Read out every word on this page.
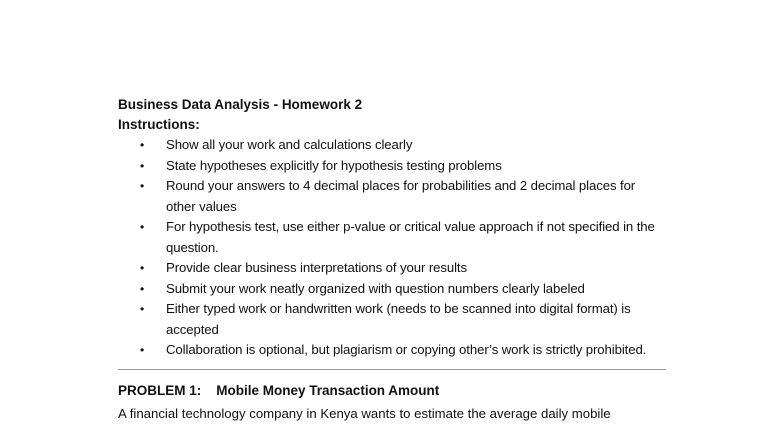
Business Data Analysis - Homework 2

Instructions:

• Show all your work and calculations clearly
• State hypotheses explicitly for hypothesis testing problems
• Round your answers to 4 decimal places for probabilities and 2 decimal places for other values
• For hypothesis test, use either p-value or critical value approach if not specified in the question.
• Provide clear business interpretations of your results
• Submit your work neatly organized with question numbers clearly labeled
• Either typed work or handwritten work (needs to be scanned into digital format) is accepted
• Collaboration is optional, but plagiarism or copying other’s work is strictly prohibited.

PROBLEM 1: Mobile Money Transaction Amount

A financial technology company in Kenya wants to estimate the average daily mobile
